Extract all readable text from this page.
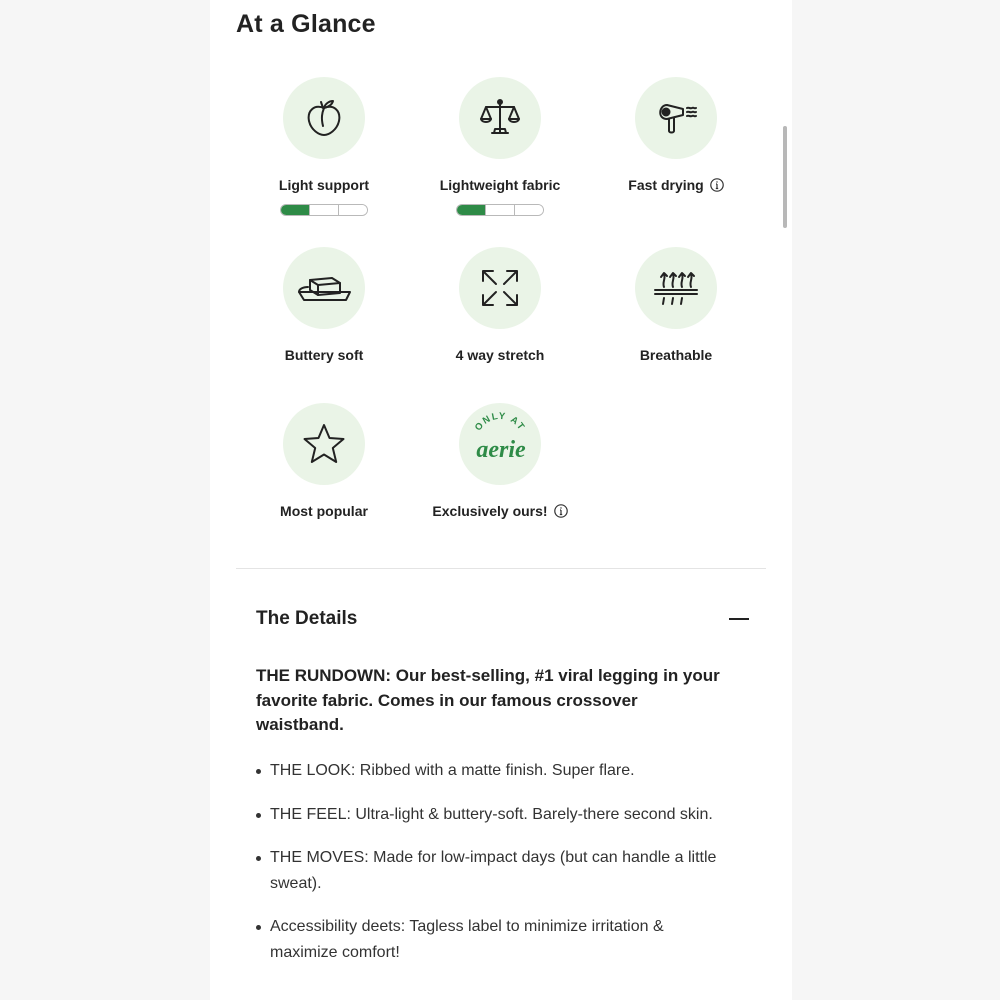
At a Glance
Light support	Lightweight fabric	Fast drying
Buttery soft	4 way stretch	Breathable
Most popular
ONLY AT
aerie
Exclusively ours!
The Details
THE RUNDOWN: Our best-selling, #1 viral legging in your favorite fabric. Comes in our famous crossover waistband.
THE LOOK: Ribbed with a matte finish. Super flare.
THE FEEL: Ultra-light & buttery-soft. Barely-there second skin.
THE MOVES: Made for low-impact days (but can handle a little sweat).
Accessibility deets: Tagless label to minimize irritation & maximize comfort!
